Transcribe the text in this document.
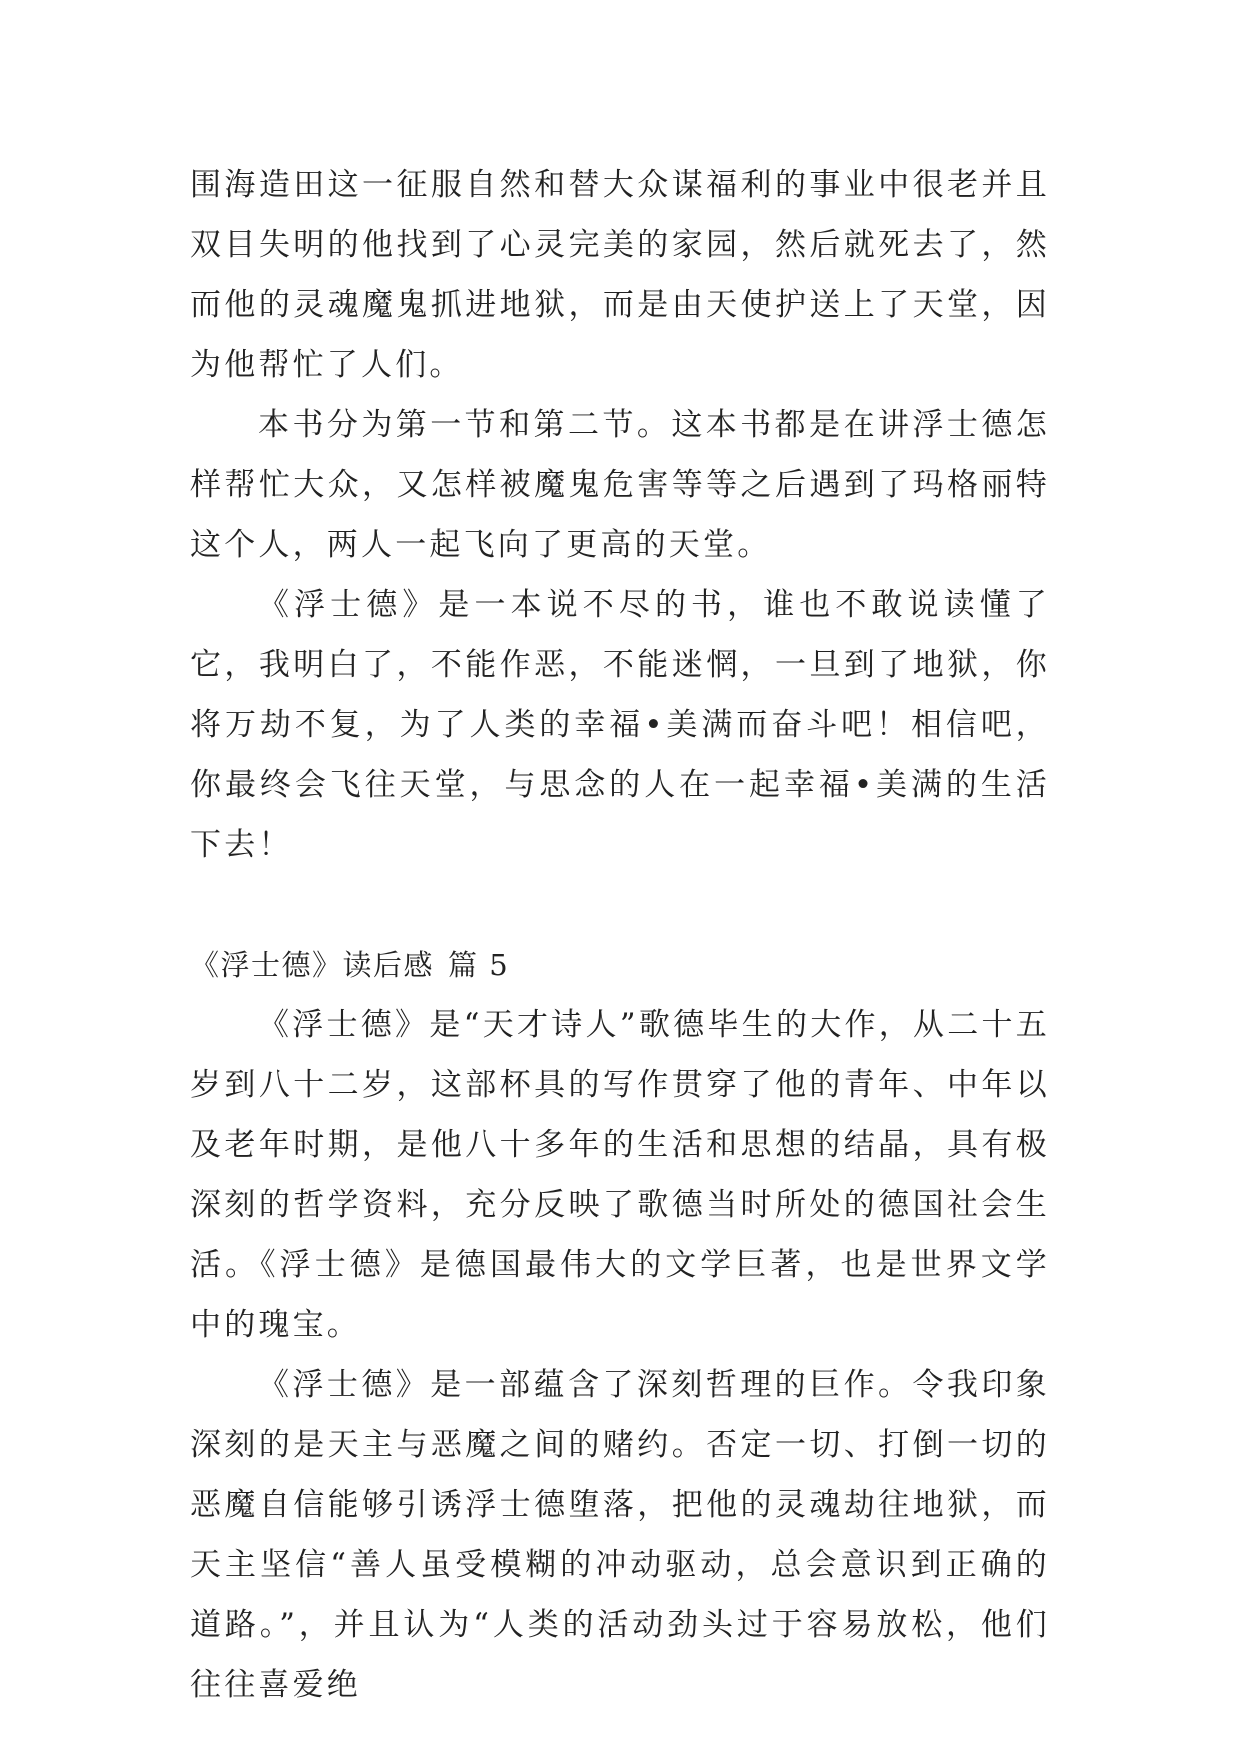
围海造田这一征服自然和替大众谋福利的事业中很老并且双目失明的他找到了心灵完美的家园，然后就死去了，然而他的灵魂魔鬼抓进地狱，而是由天使护送上了天堂，因为他帮忙了人们。

本书分为第一节和第二节。这本书都是在讲浮士德怎样帮忙大众，又怎样被魔鬼危害等等之后遇到了玛格丽特这个人，两人一起飞向了更高的天堂。

《浮士德》是一本说不尽的书，谁也不敢说读懂了它，我明白了，不能作恶，不能迷惘，一旦到了地狱，你将万劫不复，为了人类的幸福•美满而奋斗吧！相信吧，你最终会飞往天堂，与思念的人在一起幸福•美满的生活下去！

《浮士德》读后感 篇 5

《浮士德》是“天才诗人”歌德毕生的大作，从二十五岁到八十二岁，这部杯具的写作贯穿了他的青年、中年以及老年时期，是他八十多年的生活和思想的结晶，具有极深刻的哲学资料，充分反映了歌德当时所处的德国社会生活。《浮士德》是德国最伟大的文学巨著，也是世界文学中的瑰宝。

《浮士德》是一部蕴含了深刻哲理的巨作。令我印象深刻的是天主与恶魔之间的赌约。否定一切、打倒一切的恶魔自信能够引诱浮士德堕落，把他的灵魂劫往地狱，而天主坚信“善人虽受模糊的冲动驱动，总会意识到正确的道路。”，并且认为“人类的活动劲头过于容易放松，他们往往喜爱绝
